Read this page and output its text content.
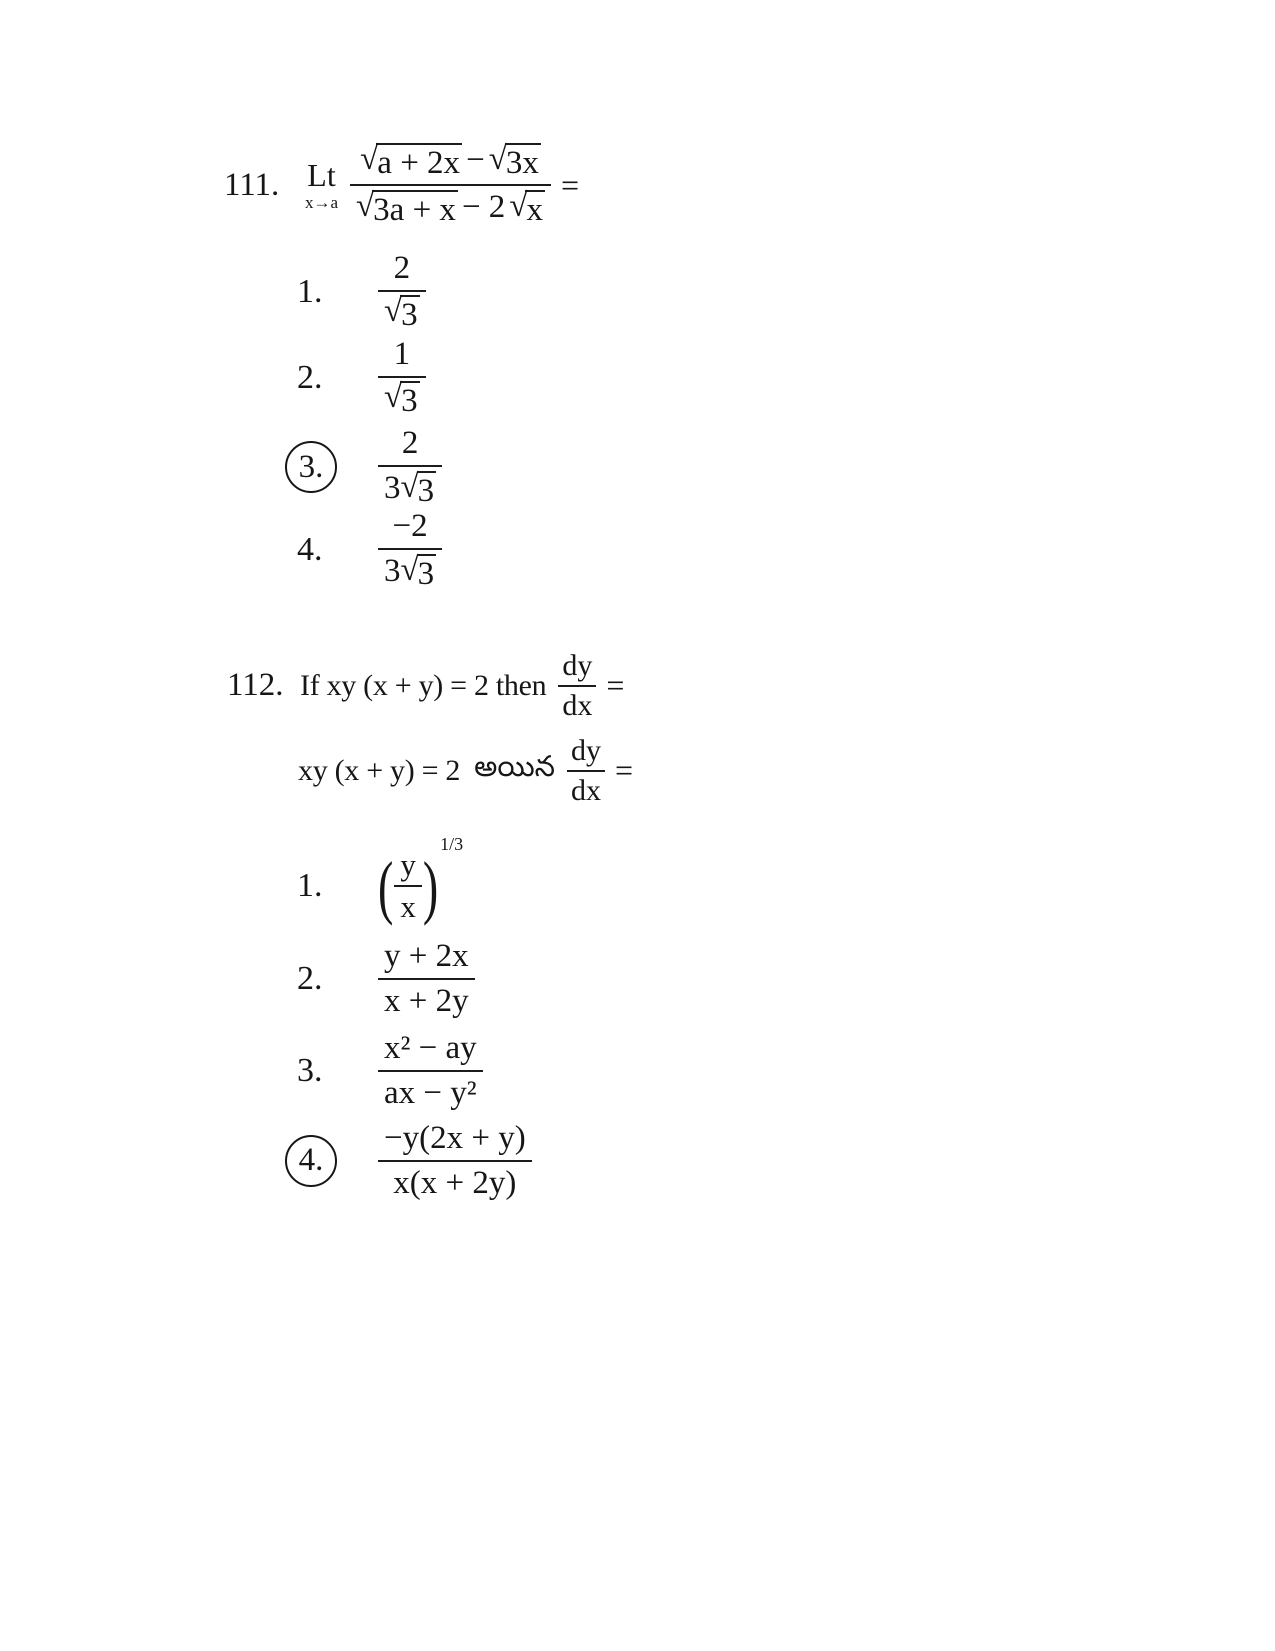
111. Lt
x→a
√ a + 2x − √ 3x
√ 3a + x − 2 √ x
=
1.	$\frac{2}{√ 3}$
2.	$\frac{1}{√ 3}$
3. $\frac{2}{3 √ 3}$
4.	$\frac{-2}{3 √ 3}$
112. If xy (x + y) = 2 then $\frac{dy}{dx}$ =
xy (x + y) = 2 అయిన $\frac{dy}{dx}$ =
1.	( $\frac{y}{x}$ )
1/3
2.	$\frac{y + 2x}{x + 2y}$
3.	$\frac{\text{x² − ay}}{\text{ax − y²}}$
4. $\frac{-y(2x + y)}{x(x + 2y)}$
